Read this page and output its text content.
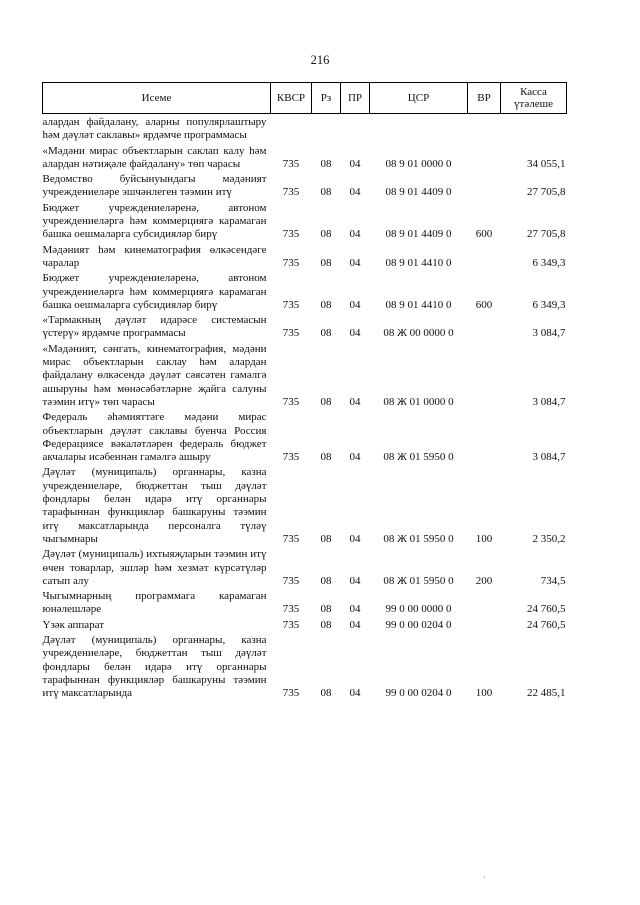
216
Исеме	КВСР	Рз	ПР	ЦСР	ВР	Касса үтәлеше
алардан файдалану, аларны популярлаштыру һәм дәүләт саклавы» ярдәмче программасы						
«Мәдәни мирас объектларын саклап калу һәм алардан нәтиҗәле файдалану» төп чарасы	735	08	04	08 9 01 0000 0		34 055,1
Ведомство буйсынуындагы мәдәният учреждениеләре эшчәнлеген тәэмин итү	735	08	04	08 9 01 4409 0		27 705,8
Бюджет учреждениеләренә, автоном учреждениеләргә һәм коммерциягә карамаган башка оешмаларга субсидияләр бирү	735	08	04	08 9 01 4409 0	600	27 705,8
Мәдәният һәм кинематография өлкәсендәге чаралар	735	08	04	08 9 01 4410 0		6 349,3
Бюджет учреждениеләренә, автоном учреждениеләргә һәм коммерциягә карамаган башка оешмаларга субсидияләр бирү	735	08	04	08 9 01 4410 0	600	6 349,3
«Тармакның дәүләт идарәсе системасын үстерү» ярдәмче программасы	735	08	04	08 Ж 00 0000 0		3 084,7
«Мәдәният, сәнгать, кинематография, мәдәни мирас объектларын саклау һәм алардан файдалану өлкәсендә дәүләт сәясәтен гамәлгә ашыруны һәм мөнәсәбәтләрне җайга салуны тәэмин итү» төп чарасы	735	08	04	08 Ж 01 0000 0		3 084,7
Федераль әһәмияттәге мәдәни мирас объектларын дәүләт саклавы буенча Россия Федерациясе вәкаләтләрен федераль бюджет акчалары исәбеннән гамәлгә ашыру	735	08	04	08 Ж 01 5950 0		3 084,7
Дәүләт (муниципаль) органнары, казна учреждениеләре, бюджеттан тыш дәүләт фондлары белән идарә итү органнары тарафыннан функцияләр башкаруны тәэмин итү максатларында персоналга түләү чыгымнары	735	08	04	08 Ж 01 5950 0	100	2 350,2
Дәүләт (муниципаль) ихтыяҗларын тәэмин итү өчен товарлар, эшләр һәм хезмәт күрсәтүләр сатып алу	735	08	04	08 Ж 01 5950 0	200	734,5
Чыгымнарның программага карамаган юнәлешләре	735	08	04	99 0 00 0000 0		24 760,5
Үзәк аппарат	735	08	04	99 0 00 0204 0		24 760,5
Дәүләт (муниципаль) органнары, казна учреждениеләре, бюджеттан тыш дәүләт фондлары белән идарә итү органнары тарафыннан функцияләр башкаруны тәэмин итү максатларында	735	08	04	99 0 00 0204 0	100	22 485,1
·
